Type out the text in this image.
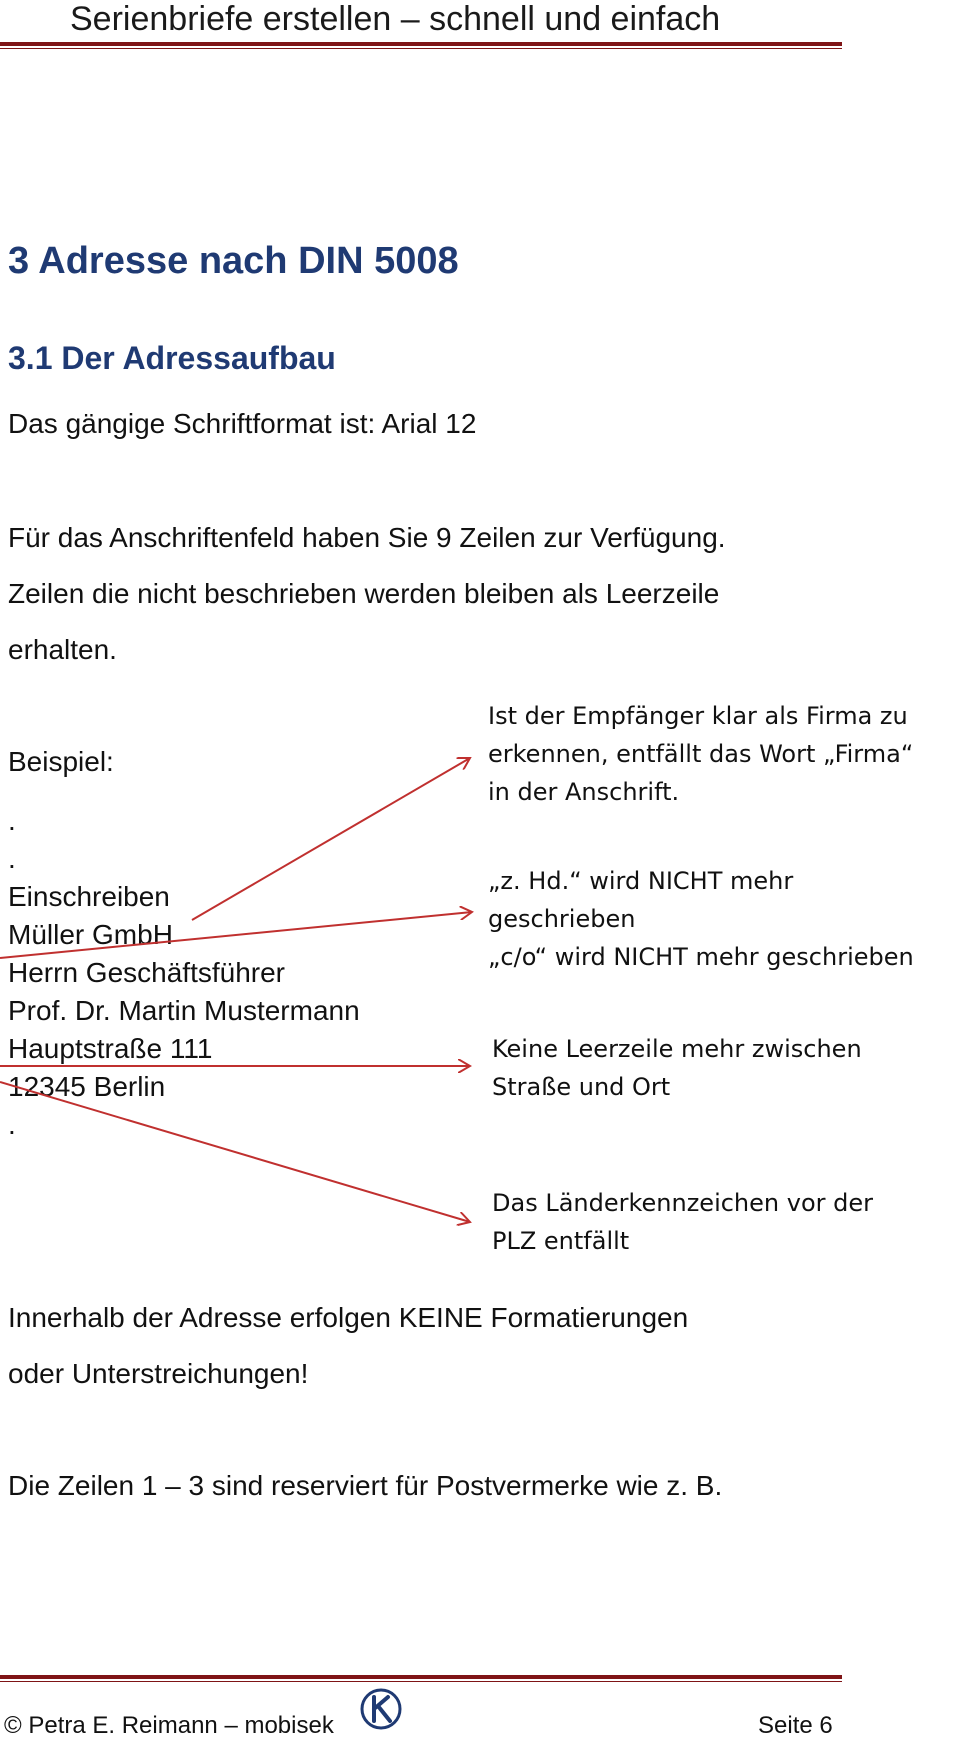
Serienbriefe erstellen – schnell und einfach
3 Adresse nach DIN 5008
3.1 Der Adressaufbau
Das gängige Schriftformat ist: Arial 12
Für das Anschriftenfeld haben Sie 9 Zeilen zur Verfügung.
Zeilen die nicht beschrieben werden bleiben als Leerzeile
erhalten.
Beispiel:
.
.
Einschreiben
Müller GmbH
Herrn Geschäftsführer
Prof. Dr. Martin Mustermann
Hauptstraße 111
12345 Berlin
.
Ist der Empfänger klar als Firma zu
erkennen, entfällt das Wort „Firma“
in der Anschrift.
„z. Hd.“ wird NICHT mehr
geschrieben
„c/o“ wird NICHT mehr geschrieben
Keine Leerzeile mehr zwischen
Straße und Ort
Das Länderkennzeichen vor der
PLZ entfällt
Innerhalb der Adresse erfolgen KEINE Formatierungen
oder Unterstreichungen!
Die Zeilen 1 – 3 sind reserviert für Postvermerke wie z. B.
© Petra E. Reimann – mobisek	Seite 6
